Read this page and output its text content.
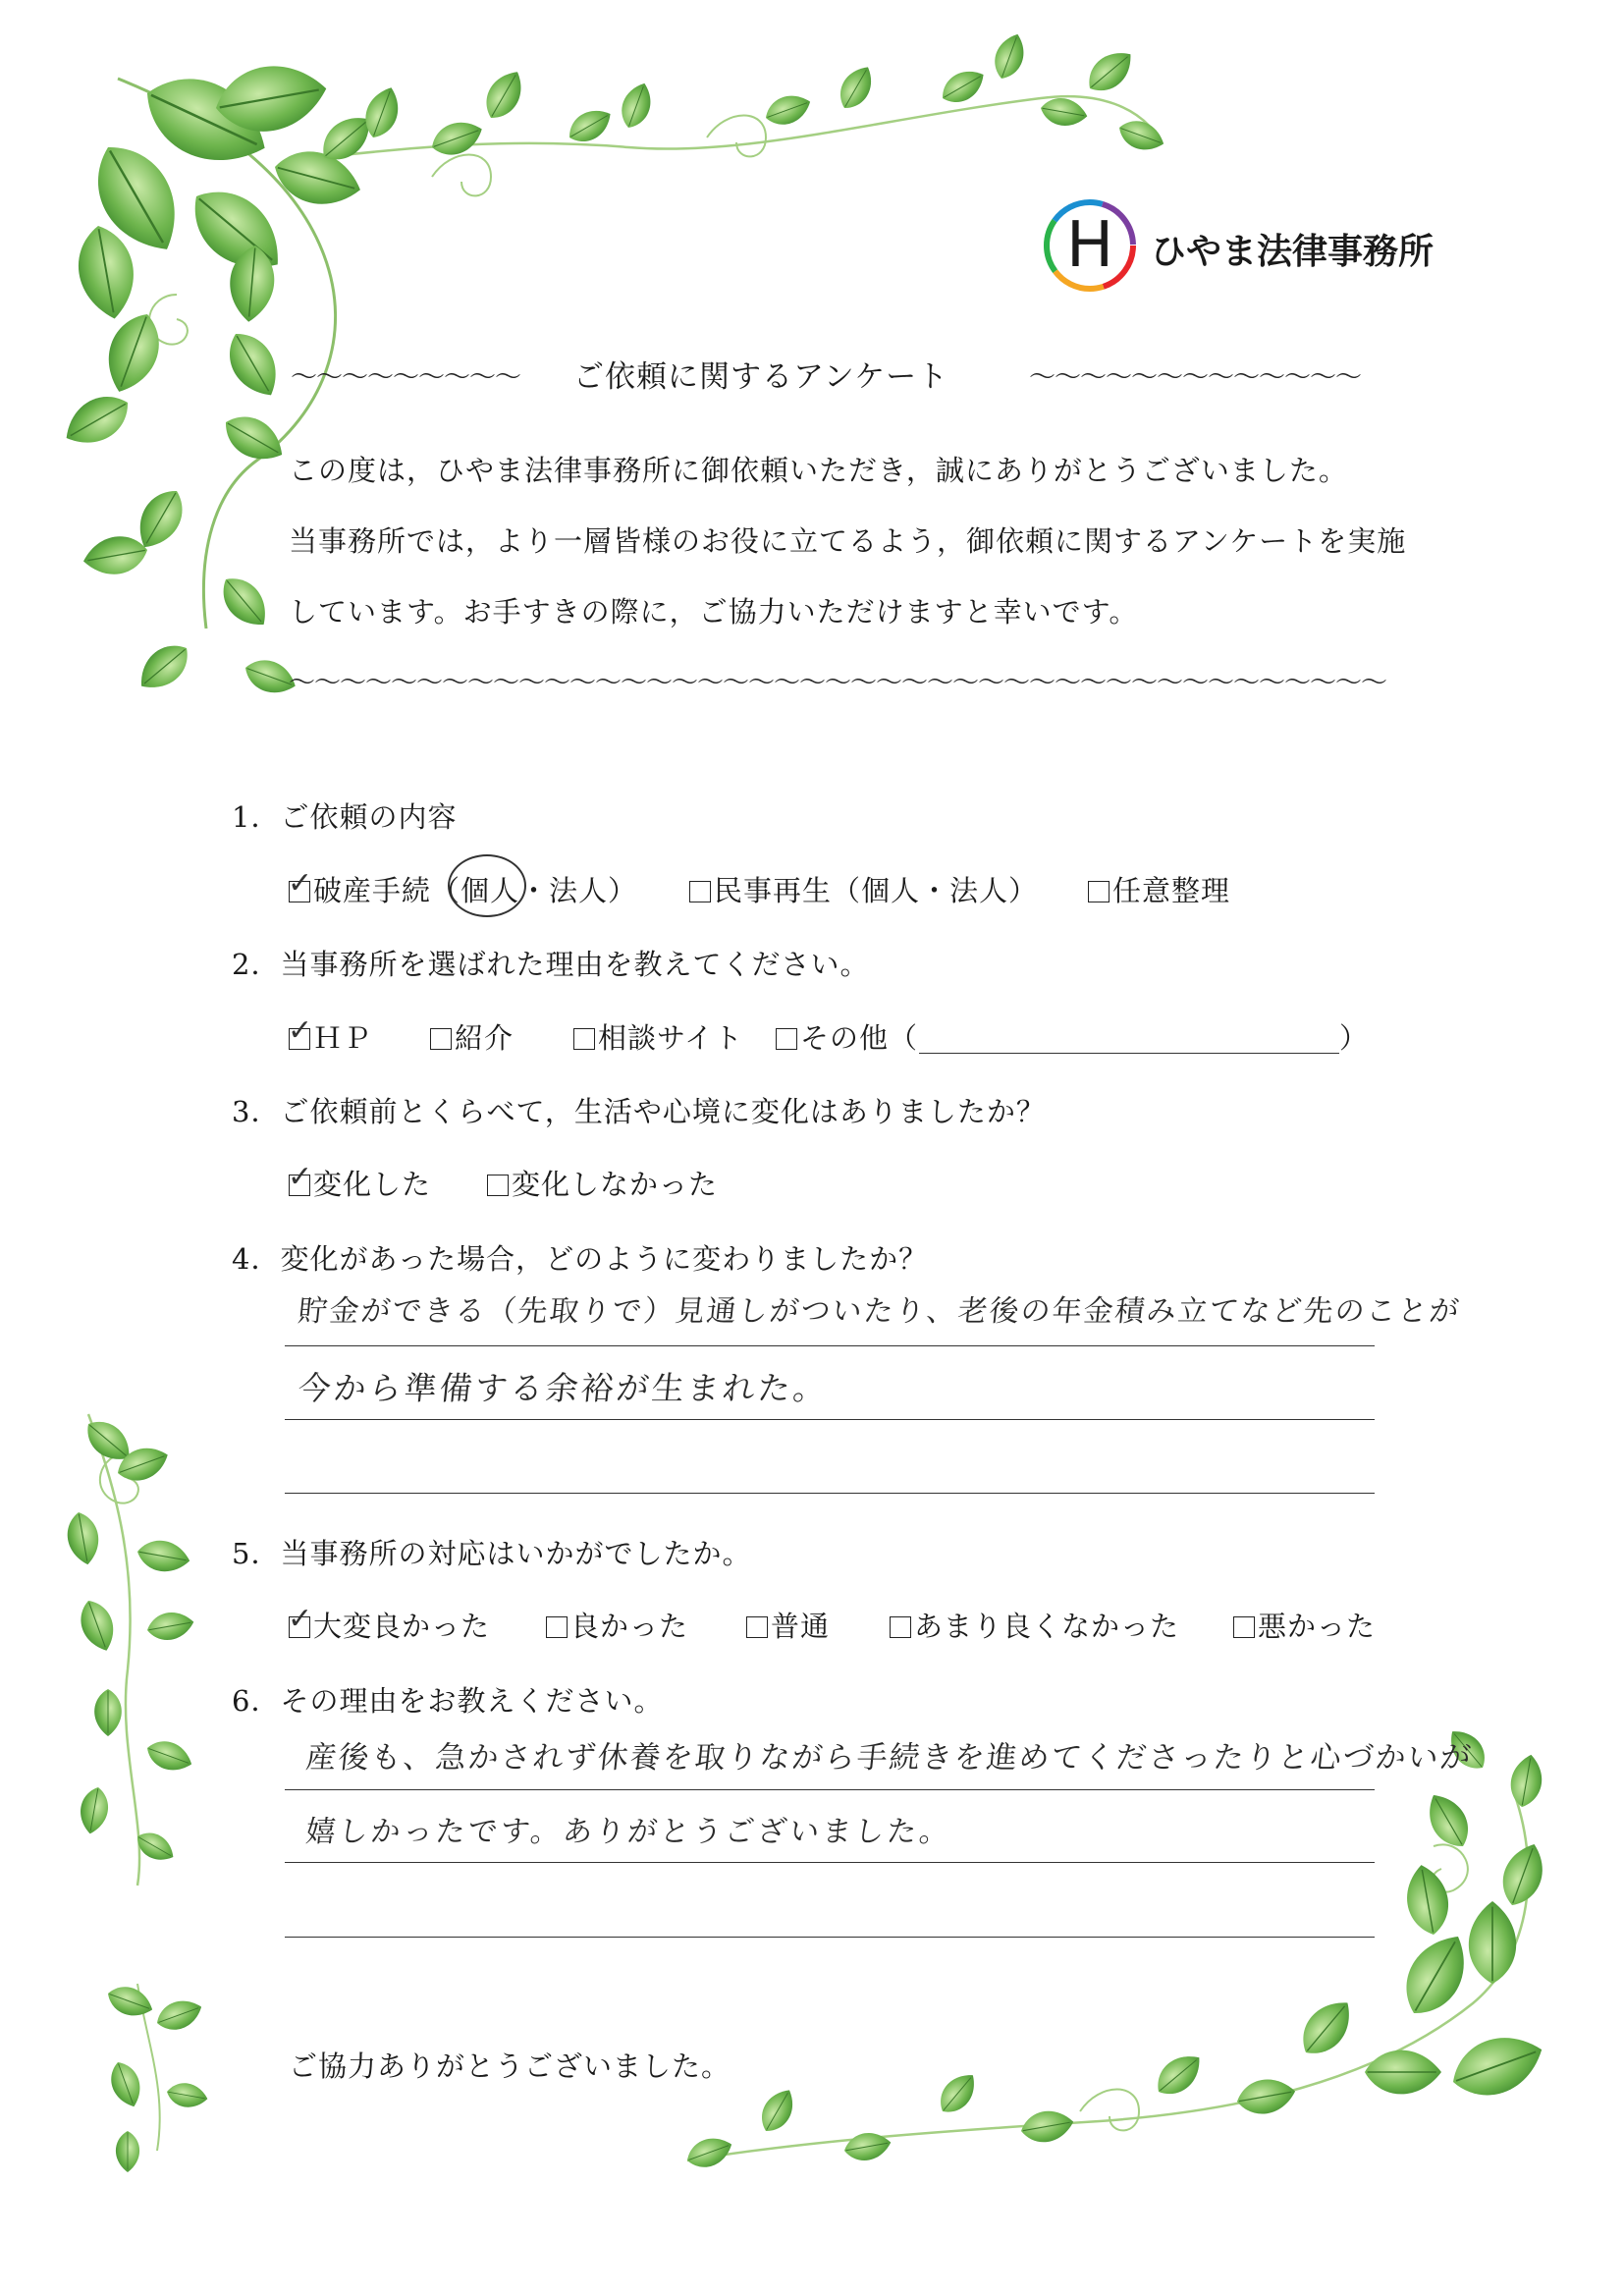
H	ひやま法律事務所
〜〜〜〜〜〜〜〜〜 ご依頼に関するアンケート	〜〜〜〜〜〜〜〜〜〜〜〜〜
この度は，ひやま法律事務所に御依頼いただき，誠にありがとうございました。
当事務所では，より一層皆様のお役に立てるよう，御依頼に関するアンケートを実施
しています。お手すきの際に，ご協力いただけますと幸いです。
〜〜〜〜〜〜〜〜〜〜〜〜〜〜〜〜〜〜〜〜〜〜〜〜〜〜〜〜〜〜〜〜〜〜〜〜〜〜〜〜〜〜〜
1．ご依頼の内容
✓ 破産手続（個人・法人）	民事再生（個人・法人）	任意整理
2．当事務所を選ばれた理由を教えてください。
✓ ＨＰ	紹介	相談サイト	その他（	）
3．ご依頼前とくらべて，生活や心境に変化はありましたか？
✓ 変化した	変化しなかった
4．変化があった場合，どのように変わりましたか？
貯金ができる（先取りで）見通しがついたり、老後の年金積み立てなど先のことが
今から準備する余裕が生まれた。
5．当事務所の対応はいかがでしたか。
✓ 大変良かった	良かった	普通	あまり良くなかった	悪かった
6．その理由をお教えください。
産後も、急かされず休養を取りながら手続きを進めてくださったりと心づかいが
嬉しかったです。ありがとうございました。
ご協力ありがとうございました。
